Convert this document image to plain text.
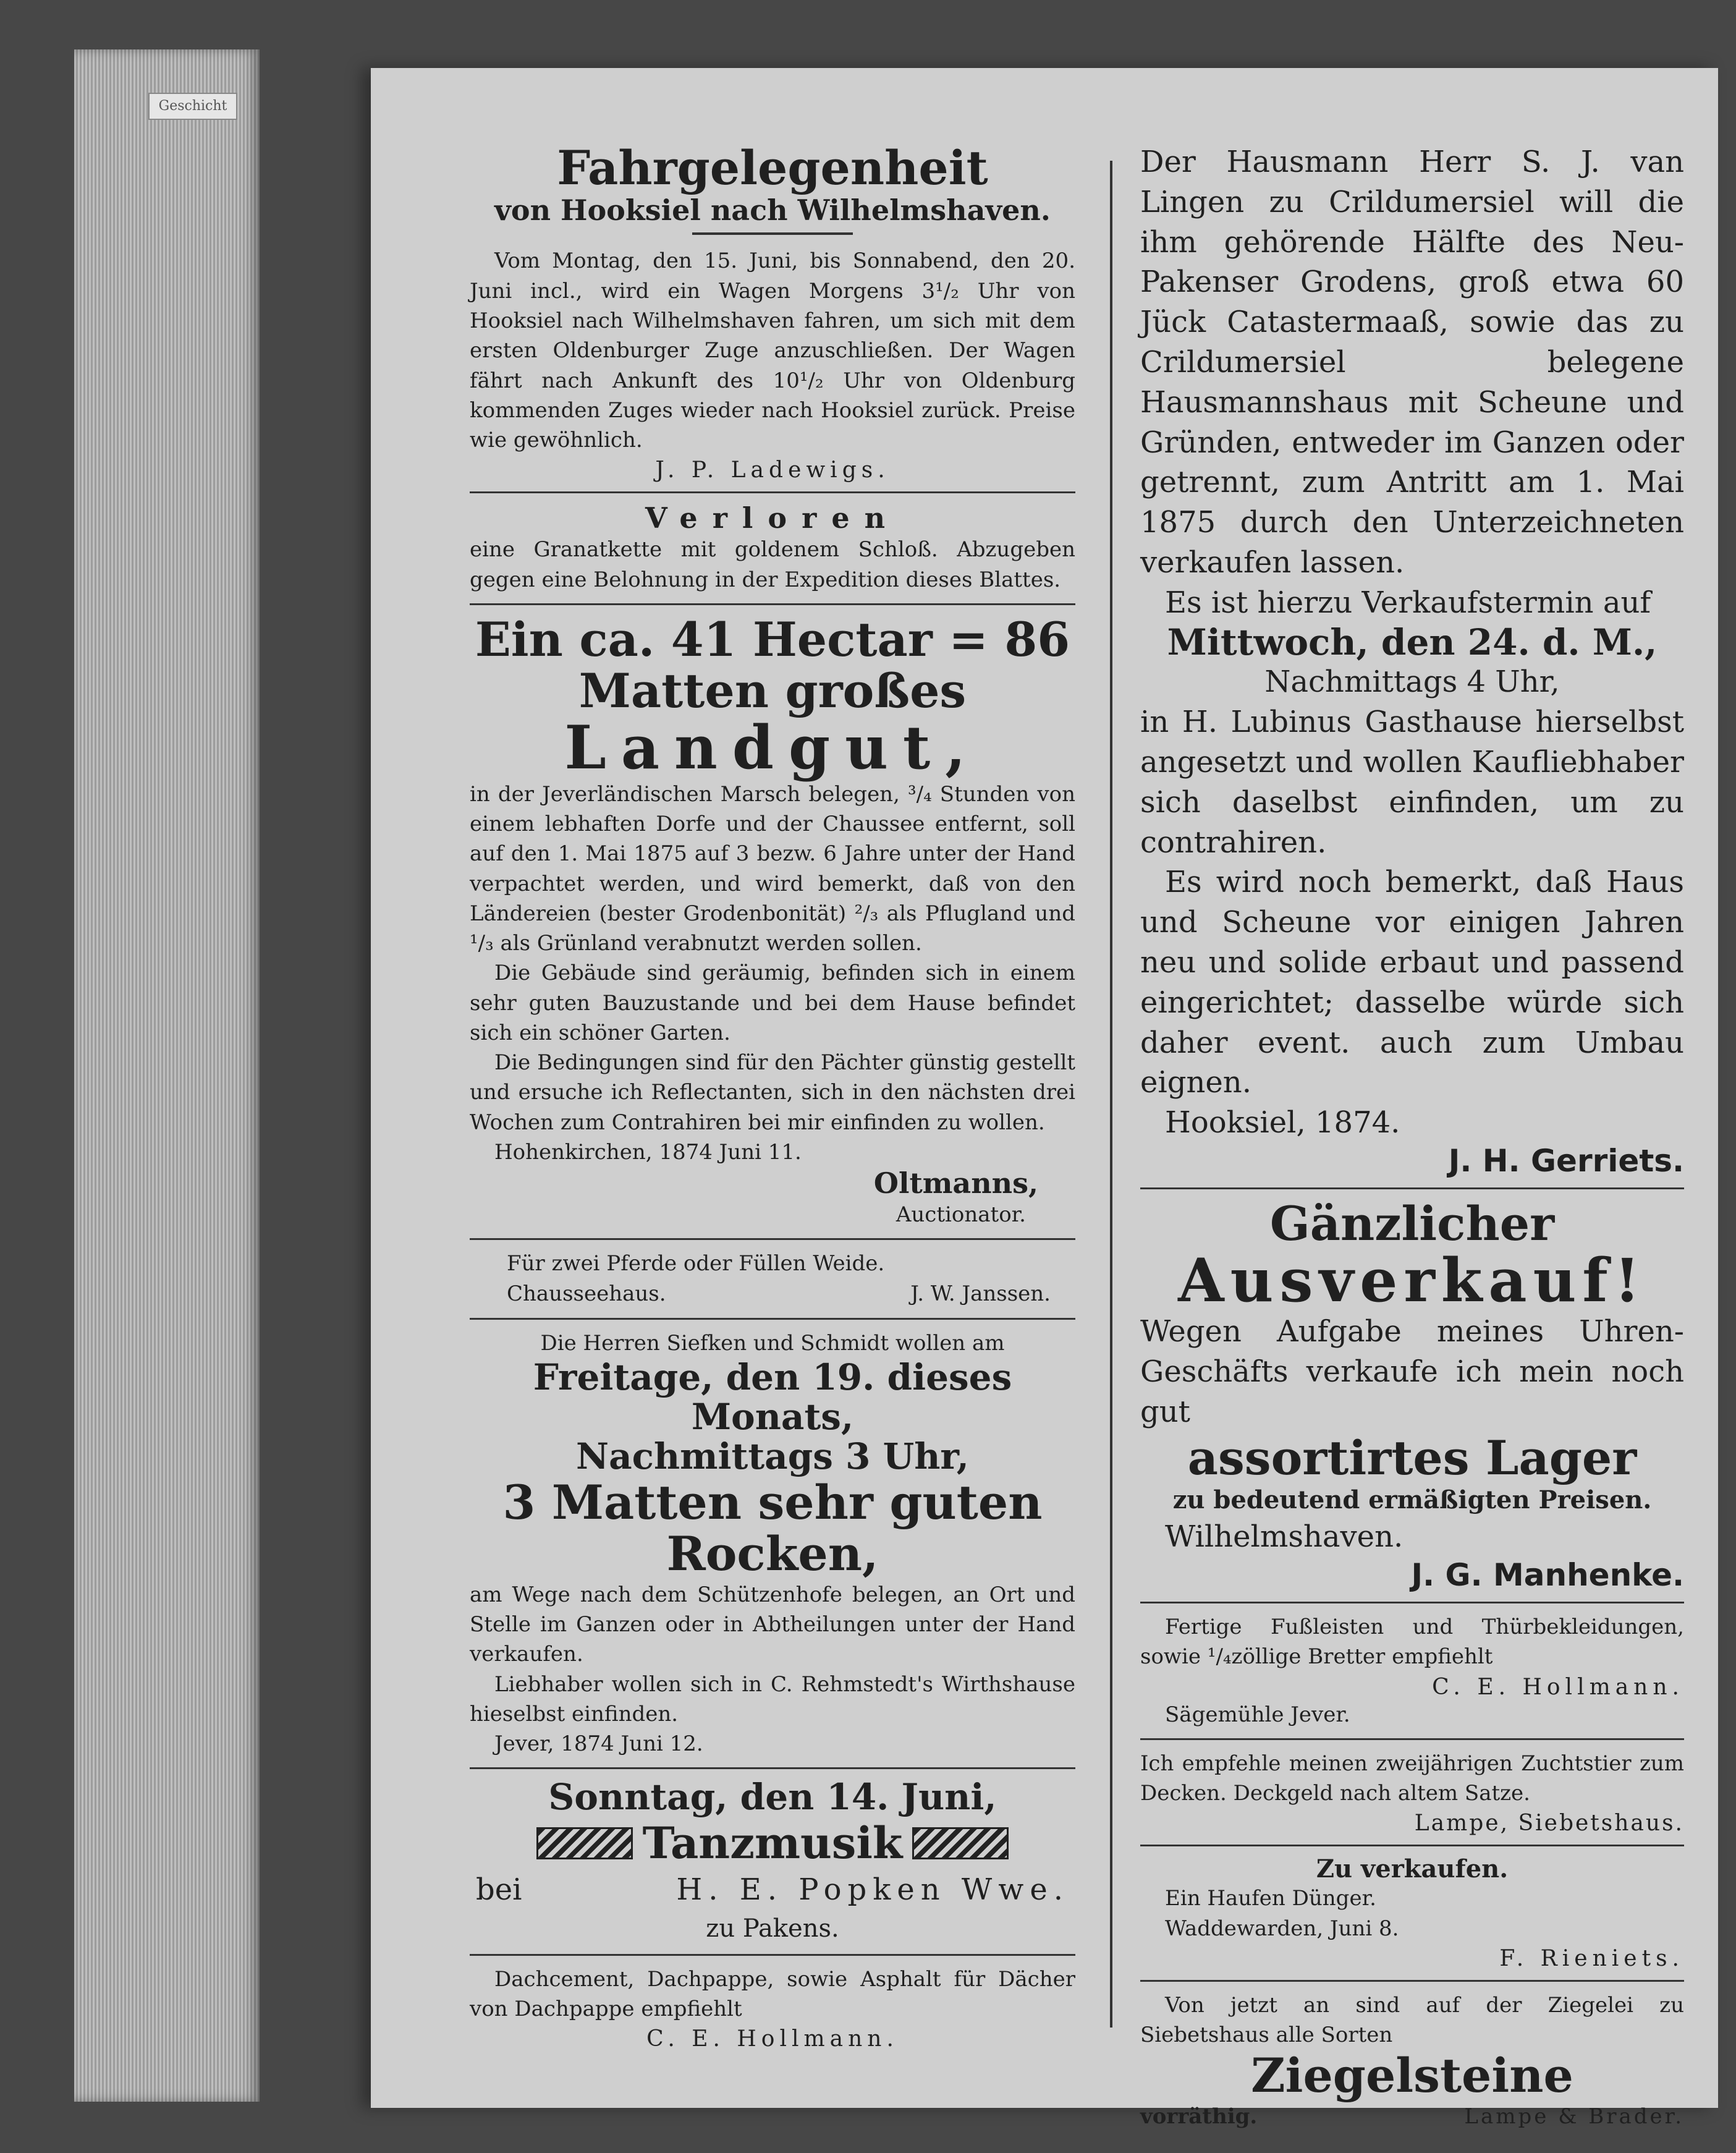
Geschicht
Fahrgelegenheit
von Hooksiel nach Wilhelmshaven.
Vom Montag, den 15. Juni, bis Sonnabend, den 20. Juni incl., wird ein Wagen Morgens 3¹/₂ Uhr von Hooksiel nach Wilhelmshaven fahren, um sich mit dem ersten Oldenburger Zuge anzuschließen. Der Wagen fährt nach Ankunft des 10¹/₂ Uhr von Oldenburg kommenden Zuges wieder nach Hooksiel zurück. Preise wie gewöhnlich.
J. P. Ladewigs.
Verloren
eine Granatkette mit goldenem Schloß. Abzugeben gegen eine Belohnung in der Expedition dieses Blattes.
Ein ca. 41 Hectar = 86
Matten großes
Landgut,
in der Jeverländischen Marsch belegen, ³/₄ Stunden von einem lebhaften Dorfe und der Chaussee entfernt, soll auf den 1. Mai 1875 auf 3 bezw. 6 Jahre unter der Hand verpachtet werden, und wird bemerkt, daß von den Ländereien (bester Grodenbonität) ²/₃ als Pflugland und ¹/₃ als Grünland verabnutzt werden sollen.
Die Gebäude sind geräumig, befinden sich in einem sehr guten Bauzustande und bei dem Hause befindet sich ein schöner Garten.
Die Bedingungen sind für den Pächter günstig gestellt und ersuche ich Reflectanten, sich in den nächsten drei Wochen zum Contrahiren bei mir einfinden zu wollen.
Hohenkirchen, 1874 Juni 11.
Oltmanns,
Auctionator.
Für zwei Pferde oder Füllen Weide.
Chausseehaus.	J. W. Janssen.
Die Herren Siefken und Schmidt wollen am
Freitage, den 19. dieses Monats,
Nachmittags 3 Uhr,
3 Matten sehr guten Rocken,
am Wege nach dem Schützenhofe belegen, an Ort und Stelle im Ganzen oder in Abtheilungen unter der Hand verkaufen.
Liebhaber wollen sich in C. Rehmstedt's Wirthshause hieselbst einfinden.
Jever, 1874 Juni 12.
Sonntag, den 14. Juni,
Tanzmusik
bei	H. E. Popken Wwe.
zu Pakens.
Dachcement, Dachpappe, sowie Asphalt für Dächer von Dachpappe empfiehlt
C. E. Hollmann.
Der Hausmann Herr S. J. van Lingen zu Crildumersiel will die ihm gehörende Hälfte des Neu-Pakenser Grodens, groß etwa 60 Jück Catastermaaß, sowie das zu Crildumersiel belegene Hausmannshaus mit Scheune und Gründen, entweder im Ganzen oder getrennt, zum Antritt am 1. Mai 1875 durch den Unterzeichneten verkaufen lassen.
Es ist hierzu Verkaufstermin auf
Mittwoch, den 24. d. M.,
Nachmittags 4 Uhr,
in H. Lubinus Gasthause hierselbst angesetzt und wollen Kaufliebhaber sich daselbst einfinden, um zu contrahiren.
Es wird noch bemerkt, daß Haus und Scheune vor einigen Jahren neu und solide erbaut und passend eingerichtet; dasselbe würde sich daher event. auch zum Umbau eignen.
Hooksiel, 1874.
J. H. Gerriets.
Gänzlicher
Ausverkauf!
Wegen Aufgabe meines Uhren-Geschäfts verkaufe ich mein noch gut
assortirtes Lager
zu bedeutend ermäßigten Preisen.
Wilhelmshaven.
J. G. Manhenke.
Fertige Fußleisten und Thürbekleidungen, sowie ¹/₄zöllige Bretter empfiehlt
C. E. Hollmann.
Sägemühle Jever.
Ich empfehle meinen zweijährigen Zuchtstier zum Decken. Deckgeld nach altem Satze.
Lampe, Siebetshaus.
Zu verkaufen.
Ein Haufen Dünger.
Waddewarden, Juni 8.
F. Rieniets.
Von jetzt an sind auf der Ziegelei zu Siebetshaus alle Sorten
Ziegelsteine
vorräthig.	Lampe & Brader.
